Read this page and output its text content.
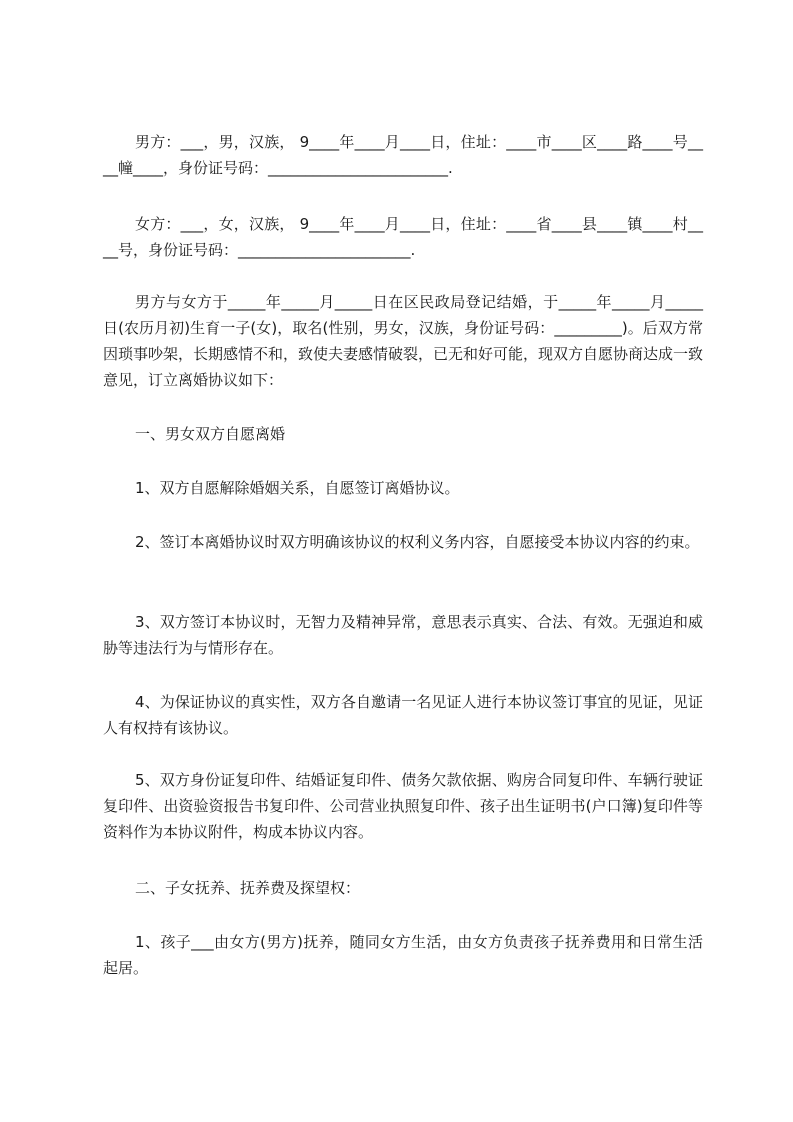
男方：___，男，汉族， 9____年____月____日，住址：____市____区____路____号____幢____，身份证号码：________________________.

女方：___，女，汉族， 9____年____月____日，住址：____省____县____镇____村____号，身份证号码：_______________________.

男方与女方于_____年_____月_____日在区民政局登记结婚，于_____年_____月_____日(农历月初)生育一子(女)，取名(性别，男女，汉族，身份证号码：_________)。后双方常因琐事吵架，长期感情不和，致使夫妻感情破裂，已无和好可能，现双方自愿协商达成一致意见，订立离婚协议如下：

一、男女双方自愿离婚

1、双方自愿解除婚姻关系，自愿签订离婚协议。

2、签订本离婚协议时双方明确该协议的权利义务内容，自愿接受本协议内容的约束。

3、双方签订本协议时，无智力及精神异常，意思表示真实、合法、有效。无强迫和威胁等违法行为与情形存在。

4、为保证协议的真实性，双方各自邀请一名见证人进行本协议签订事宜的见证，见证人有权持有该协议。

5、双方身份证复印件、结婚证复印件、债务欠款依据、购房合同复印件、车辆行驶证复印件、出资验资报告书复印件、公司营业执照复印件、孩子出生证明书(户口簿)复印件等资料作为本协议附件，构成本协议内容。

二、子女抚养、抚养费及探望权：

1、孩子___由女方(男方)抚养，随同女方生活，由女方负责孩子抚养费用和日常生活起居。
